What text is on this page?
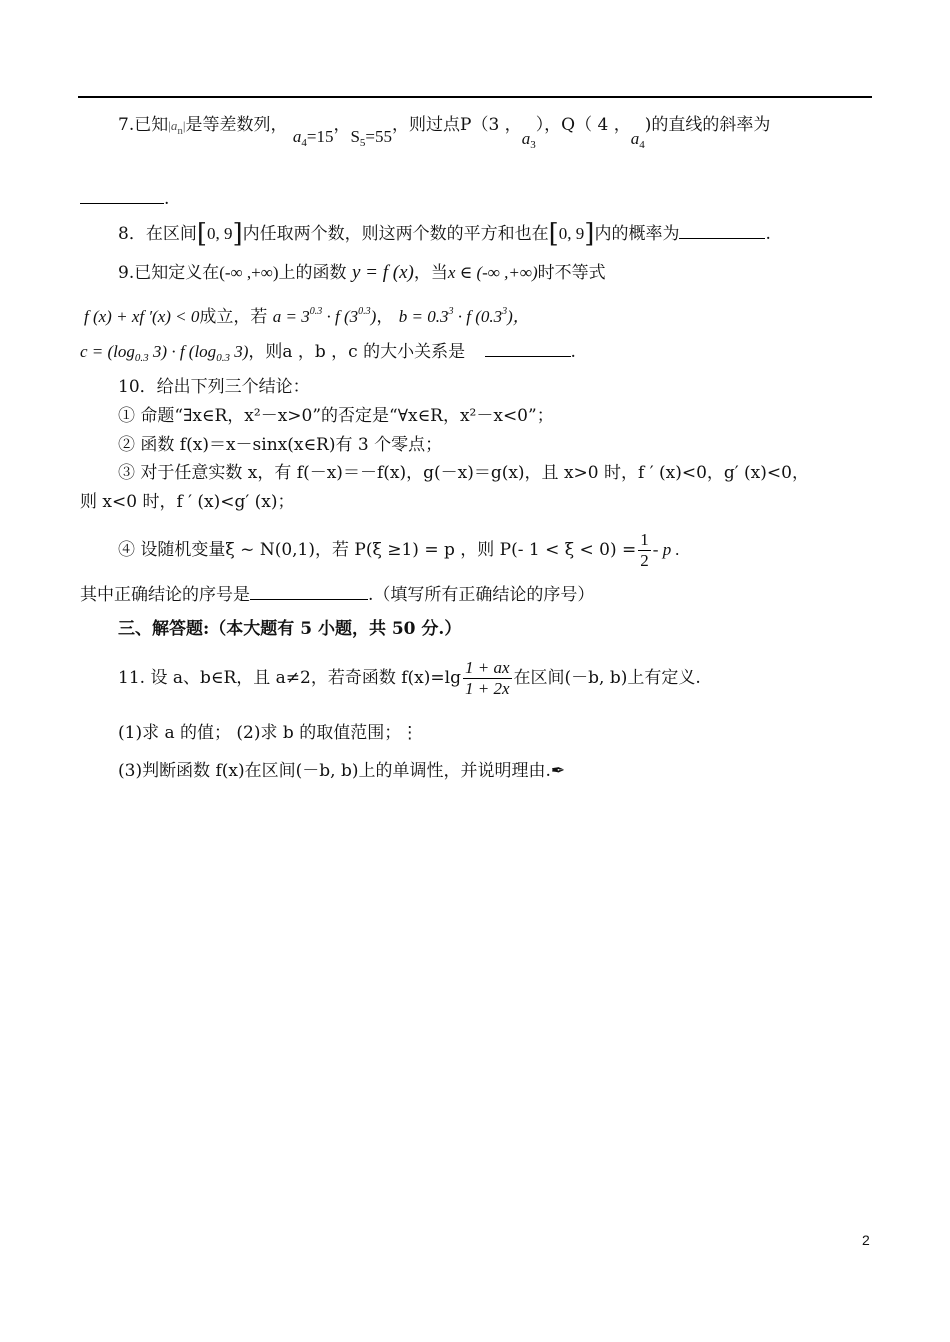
7.已知$|a_n|$是等差数列， $a_4=15$，$S_5=55$，则过点P（3 ，$a_3$），Q（ 4 ，$a_4$)的直线的斜率为
.
8．在区间[0, 9]内任取两个数，则这两个数的平方和也在[0, 9]内的概率为	.
9.已知定义在(-∞ ,+∞)上的函数 y = f (x)，当x ∈ (-∞ ,+∞)时不等式
f (x) + xf ′(x) < 0成立，若 $a = 3^{0.3} \cdot f$ $(3^{0.3})$， $b = 0.3^3 \cdot f$ $(0.3^3)$，
$c = (\log_{0.3}$ 3) · f ($\log_{0.3}$ 3)，则a ，b ，c 的大小关系是	.
10．给出下列三个结论：
① 命题“∃x∈R，x²－x>0”的否定是“∀x∈R，x²－x<0”；
② 函数 f(x)＝x－sinx(x∈R)有 3 个零点；
③ 对于任意实数 x，有 f(－x)＝－f(x)，g(－x)＝g(x)，且 x>0 时，f ′ (x)<0，g′ (x)<0，
则 x<0 时，f ′ (x)<g′ (x)；
④ 设随机变量ξ ~ N(0,1)，若 P(ξ ≥1) = p ，则 P(- $1 < \xi < 0) = \frac{1}{2} - p$ .
其中正确结论的序号是	.（填写所有正确结论的序号）
三、解答题:（本大题有 5 小题，共 50 分.）
11. 设 a、b∈R，且 a≠2，若奇函数 $f(x)=\lg \frac{1 + ax}{1 + 2x}$ 在区间(－b, b)上有定义.
(1)求 a 的值； (2)求 b 的取值范围；⋮
(3)判断函数 f(x)在区间(－b, b)上的单调性，并说明理由.✒
2
